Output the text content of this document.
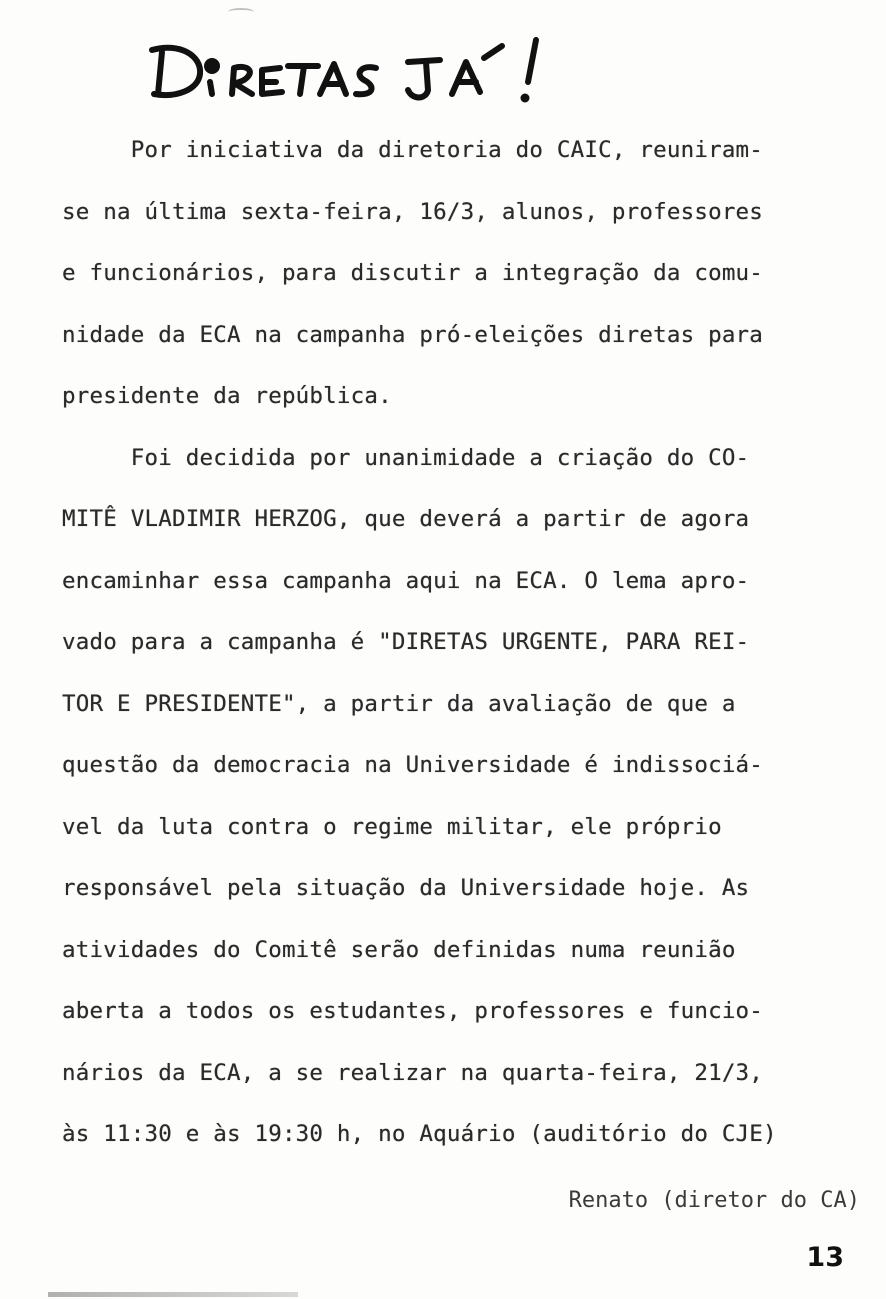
Por iniciativa da diretoria do CAIC, reuniram-
se na última sexta-feira, 16/3, alunos, professores
e funcionários, para discutir a integração da comu-
nidade da ECA na campanha pró-eleições diretas para
presidente da república.
Foi decidida por unanimidade a criação do CO-
MITÊ VLADIMIR HERZOG, que deverá a partir de agora
encaminhar essa campanha aqui na ECA. O lema apro-
vado para a campanha é "DIRETAS URGENTE, PARA REI-
TOR E PRESIDENTE", a partir da avaliação de que a
questão da democracia na Universidade é indissociá-
vel da luta contra o regime militar, ele próprio
responsável pela situação da Universidade hoje. As
atividades do Comitê serão definidas numa reunião
aberta a todos os estudantes, professores e funcio-
nários da ECA, a se realizar na quarta-feira, 21/3,
às 11:30 e às 19:30 h, no Aquário (auditório do CJE)
Renato (diretor do CA)
13
